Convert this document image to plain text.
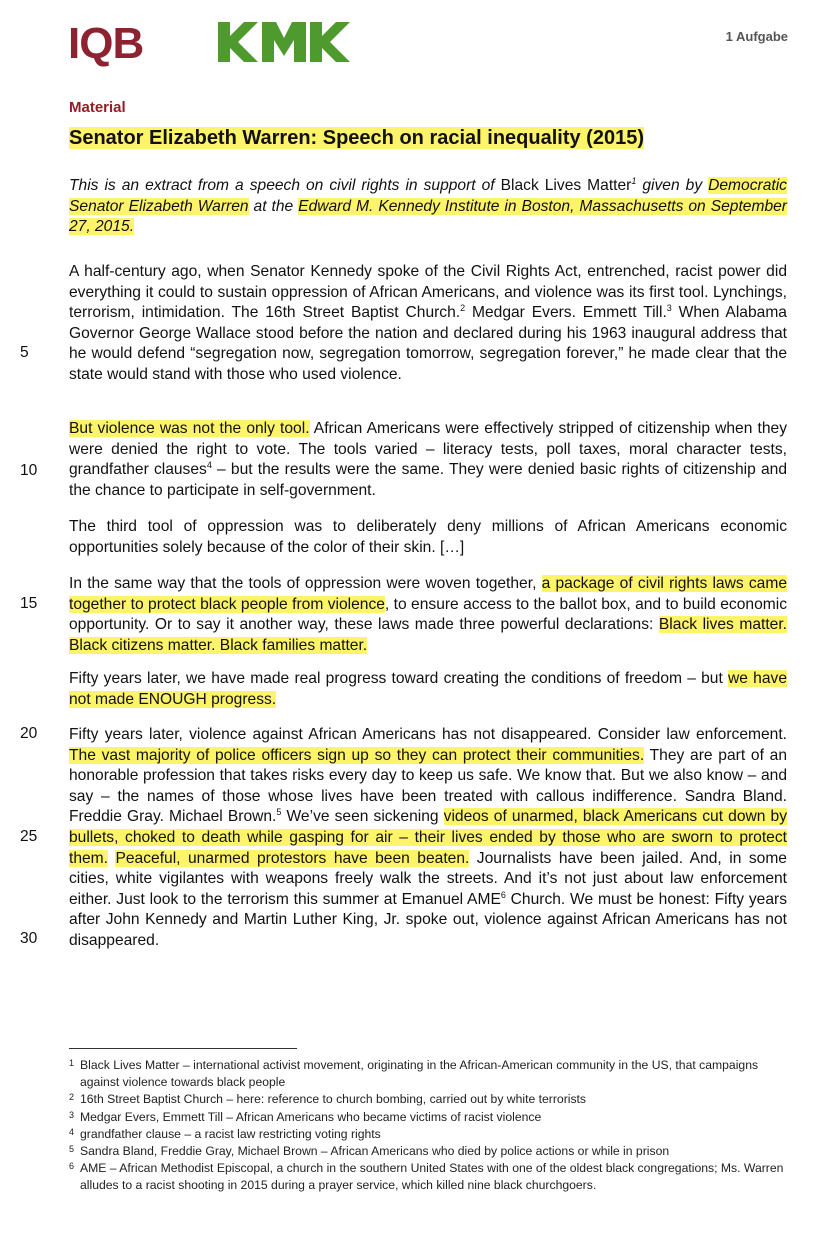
IQB	1 Aufgabe
Material
Senator Elizabeth Warren: Speech on racial inequality (2015)
This is an extract from a speech on civil rights in support of Black Lives Matter$^1$ given by Democratic Senator Elizabeth Warren at the Edward M. Kennedy Institute in Boston, Massachusetts on September 27, 2015.
5
10
15
20
25
30
A half-century ago, when Senator Kennedy spoke of the Civil Rights Act, entrenched, racist power did everything it could to sustain oppression of African Americans, and violence was its first tool. Lynchings, terrorism, intimidation. The 16th Street Baptist Church.$^2$ Medgar Evers. Emmett Till.$^3$ When Alabama Governor George Wallace stood before the nation and declared during his 1963 inaugural address that he would defend “segregation now, segregation tomorrow, segregation forever,” he made clear that the state would stand with those who used violence.
But violence was not the only tool. African Americans were effectively stripped of citizenship when they were denied the right to vote. The tools varied – literacy tests, poll taxes, moral character tests, grandfather clauses$^4$ – but the results were the same. They were denied basic rights of citizenship and the chance to participate in self-government.
The third tool of oppression was to deliberately deny millions of African Americans economic opportunities solely because of the color of their skin. […]
In the same way that the tools of oppression were woven together, a package of civil rights laws came together to protect black people from violence, to ensure access to the ballot box, and to build economic opportunity. Or to say it another way, these laws made three powerful declarations: Black lives matter. Black citizens matter. Black families matter.
Fifty years later, we have made real progress toward creating the conditions of freedom – but we have not made ENOUGH progress.
Fifty years later, violence against African Americans has not disappeared. Consider law enforcement. The vast majority of police officers sign up so they can protect their communities. They are part of an honorable profession that takes risks every day to keep us safe. We know that. But we also know – and say – the names of those whose lives have been treated with callous indifference. Sandra Bland. Freddie Gray. Michael Brown.$^5$ We’ve seen sickening videos of unarmed, black Americans cut down by bullets, choked to death while gasping for air – their lives ended by those who are sworn to protect them. Peaceful, unarmed protestors have been beaten. Journalists have been jailed. And, in some cities, white vigilantes with weapons freely walk the streets. And it’s not just about law enforcement either. Just look to the terrorism this summer at Emanuel AME$^6$ Church. We must be honest: Fifty years after John Kennedy and Martin Luther King, Jr. spoke out, violence against African Americans has not disappeared.
1 Black Lives Matter – international activist movement, originating in the African-American community in the US, that campaigns against violence towards black people
2 16th Street Baptist Church – here: reference to church bombing, carried out by white terrorists
3 Medgar Evers, Emmett Till – African Americans who became victims of racist violence
4 grandfather clause – a racist law restricting voting rights
5 Sandra Bland, Freddie Gray, Michael Brown – African Americans who died by police actions or while in prison
6 AME – African Methodist Episcopal, a church in the southern United States with one of the oldest black congregations; Ms. Warren alludes to a racist shooting in 2015 during a prayer service, which killed nine black churchgoers.
